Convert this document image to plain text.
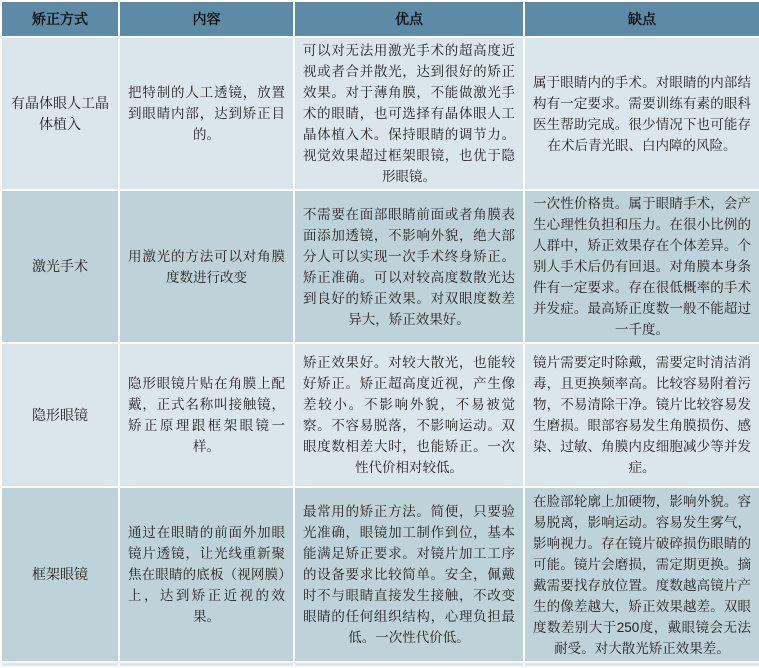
矫正方式	内容	优点	缺点
有晶体眼人工晶体植入	把特制的人工透镜，放置到眼睛内部，达到矫正目的。	可以对无法用激光手术的超高度近视或者合并散光，达到很好的矫正效果。对于薄角膜，不能做激光手术的眼睛，也可选择有晶体眼人工晶体植入术。保持眼睛的调节力。视觉效果超过框架眼镜，也优于隐形眼镜。	属于眼睛内的手术。对眼睛的内部结构有一定要求。需要训练有素的眼科医生帮助完成。很少情况下也可能存在术后青光眼、白内障的风险。
激光手术	用激光的方法可以对角膜度数进行改变	不需要在面部眼睛前面或者角膜表面添加透镜，不影响外貌，绝大部分人可以实现一次手术终身矫正。矫正准确。可以对较高度数散光达到良好的矫正效果。对双眼度数差异大，矫正效果好。	一次性价格贵。属于眼睛手术，会产生心理性负担和压力。在很小比例的人群中，矫正效果存在个体差异。个别人手术后仍有回退。对角膜本身条件有一定要求。存在很低概率的手术并发症。最高矫正度数一般不能超过一千度。
隐形眼镜	隐形眼镜片贴在角膜上配戴，正式名称叫接触镜，矫正原理跟框架眼镜一样。	矫正效果好。对较大散光，也能较好矫正。矫正超高度近视，产生像差较小。不影响外貌，不易被觉察。不容易脱落，不影响运动。双眼度数相差大时，也能矫正。一次性代价相对较低。	镜片需要定时除戴，需要定时清洁消毒，且更换频率高。比较容易附着污物，不易清除干净。镜片比较容易发生磨损。眼部容易发生角膜损伤、感染、过敏、角膜内皮细胞减少等并发症。
框架眼镜	通过在眼睛的前面外加眼镜片透镜，让光线重新聚焦在眼睛的底板（视网膜）上，达到矫正近视的效果。	最常用的矫正方法。简便，只要验光准确，眼镜加工制作到位，基本能满足矫正要求。对镜片加工工序的设备要求比较简单。安全，佩戴时不与眼睛直接发生接触，不改变眼睛的任何组织结构，心理负担最低。一次性代价低。	在脸部轮廓上加硬物，影响外貌。容易脱离，影响运动。容易发生雾气，影响视力。存在镜片破碎损伤眼睛的可能。镜片会磨损，需定期更换。摘戴需要找存放位置。度数越高镜片产生的像差越大，矫正效果越差。双眼度数差别大于250度，戴眼镜会无法耐受。对大散光矫正效果差。
